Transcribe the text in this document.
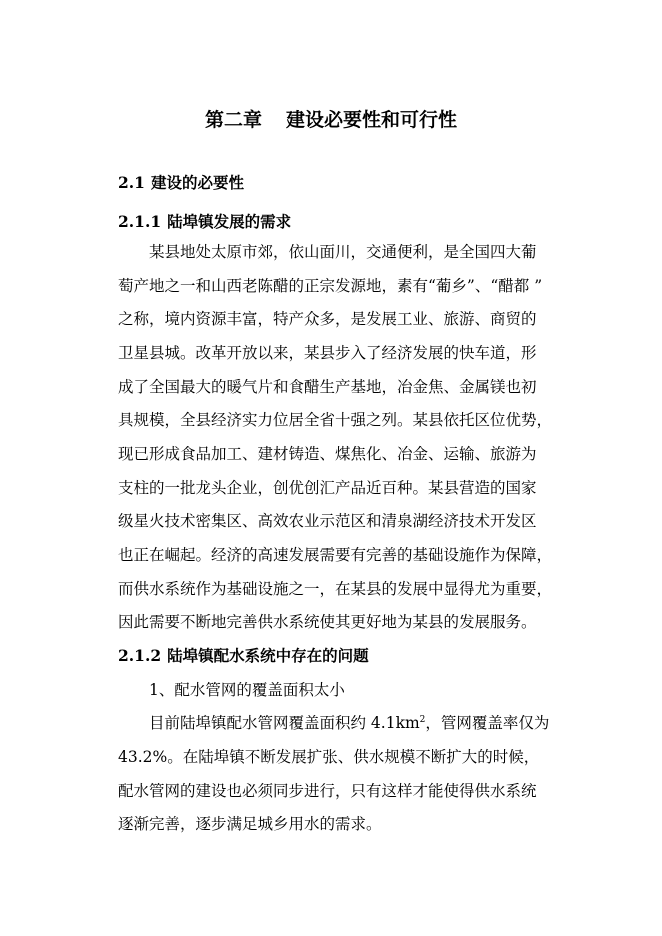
第二章 建设必要性和可行性
2.1 建设的必要性
2.1.1 陆埠镇发展的需求
某县地处太原市郊，依山面川，交通便利，是全国四大葡
萄产地之一和山西老陈醋的正宗发源地，素有“葡乡”、“醋都 ”
之称，境内资源丰富，特产众多，是发展工业、旅游、商贸的
卫星县城。改革开放以来，某县步入了经济发展的快车道，形
成了全国最大的暖气片和食醋生产基地，冶金焦、金属镁也初
具规模，全县经济实力位居全省十强之列。某县依托区位优势，
现已形成食品加工、建材铸造、煤焦化、冶金、运输、旅游为
支柱的一批龙头企业，创优创汇产品近百种。某县营造的国家
级星火技术密集区、高效农业示范区和清泉湖经济技术开发区
也正在崛起。经济的高速发展需要有完善的基础设施作为保障，
而供水系统作为基础设施之一，在某县的发展中显得尤为重要，
因此需要不断地完善供水系统使其更好地为某县的发展服务。
2.1.2 陆埠镇配水系统中存在的问题
1、配水管网的覆盖面积太小
目前陆埠镇配水管网覆盖面积约 $4.1km^2$，管网覆盖率仅为
43.2%。在陆埠镇不断发展扩张、供水规模不断扩大的时候，
配水管网的建设也必须同步进行，只有这样才能使得供水系统
逐渐完善，逐步满足城乡用水的需求。
